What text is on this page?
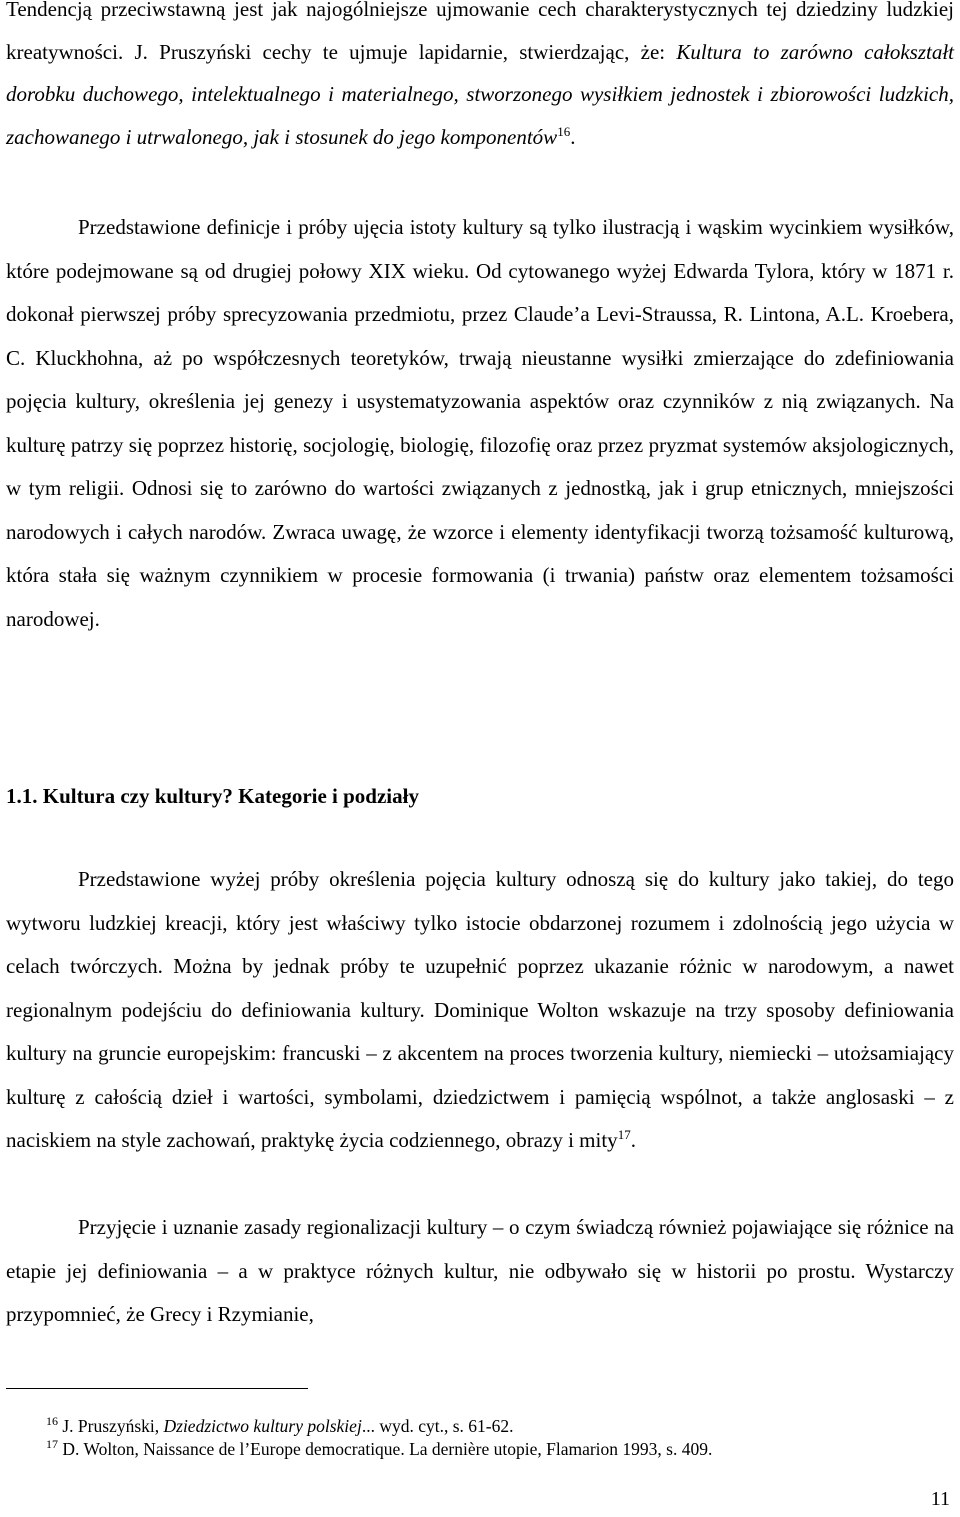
Tendencją przeciwstawną jest jak najogólniejsze ujmowanie cech charakterystycznych tej dziedziny ludzkiej kreatywności. J. Pruszyński cechy te ujmuje lapidarnie, stwierdzając, że: Kultura to zarówno całokształt dorobku duchowego, intelektualnego i materialnego, stworzonego wysiłkiem jednostek i zbiorowości ludzkich, zachowanego i utrwalonego, jak i stosunek do jego komponentów$^{16}$.

Przedstawione definicje i próby ujęcia istoty kultury są tylko ilustracją i wąskim wycinkiem wysiłków, które podejmowane są od drugiej połowy XIX wieku. Od cytowanego wyżej Edwarda Tylora, który w 1871 r. dokonał pierwszej próby sprecyzowania przedmiotu, przez Claude’a Levi-Straussa, R. Lintona, A.L. Kroebera, C. Kluckhohna, aż po współczesnych teoretyków, trwają nieustanne wysiłki zmierzające do zdefiniowania pojęcia kultury, określenia jej genezy i usystematyzowania aspektów oraz czynników z nią związanych. Na kulturę patrzy się poprzez historię, socjologię, biologię, filozofię oraz przez pryzmat systemów aksjologicznych, w tym religii. Odnosi się to zarówno do wartości związanych z jednostką, jak i grup etnicznych, mniejszości narodowych i całych narodów. Zwraca uwagę, że wzorce i elementy identyfikacji tworzą tożsamość kulturową, która stała się ważnym czynnikiem w procesie formowania (i trwania) państw oraz elementem tożsamości narodowej.

1.1. Kultura czy kultury? Kategorie i podziały

Przedstawione wyżej próby określenia pojęcia kultury odnoszą się do kultury jako takiej, do tego wytworu ludzkiej kreacji, który jest właściwy tylko istocie obdarzonej rozumem i zdolnością jego użycia w celach twórczych. Można by jednak próby te uzupełnić poprzez ukazanie różnic w narodowym, a nawet regionalnym podejściu do definiowania kultury. Dominique Wolton wskazuje na trzy sposoby definiowania kultury na gruncie europejskim: francuski – z akcentem na proces tworzenia kultury, niemiecki – utożsamiający kulturę z całością dzieł i wartości, symbolami, dziedzictwem i pamięcią wspólnot, a także anglosaski – z naciskiem na style zachowań, praktykę życia codziennego, obrazy i mity$^{17}$.

Przyjęcie i uznanie zasady regionalizacji kultury – o czym świadczą również pojawiające się różnice na etapie jej definiowania – a w praktyce różnych kultur, nie odbywało się w historii po prostu. Wystarczy przypomnieć, że Grecy i Rzymianie,

$^{16}$ J. Pruszyński, Dziedzictwo kultury polskiej... wyd. cyt., s. 61-62.

$^{17}$ D. Wolton, Naissance de l’Europe democratique. La dernière utopie, Flamarion 1993, s. 409.

11
